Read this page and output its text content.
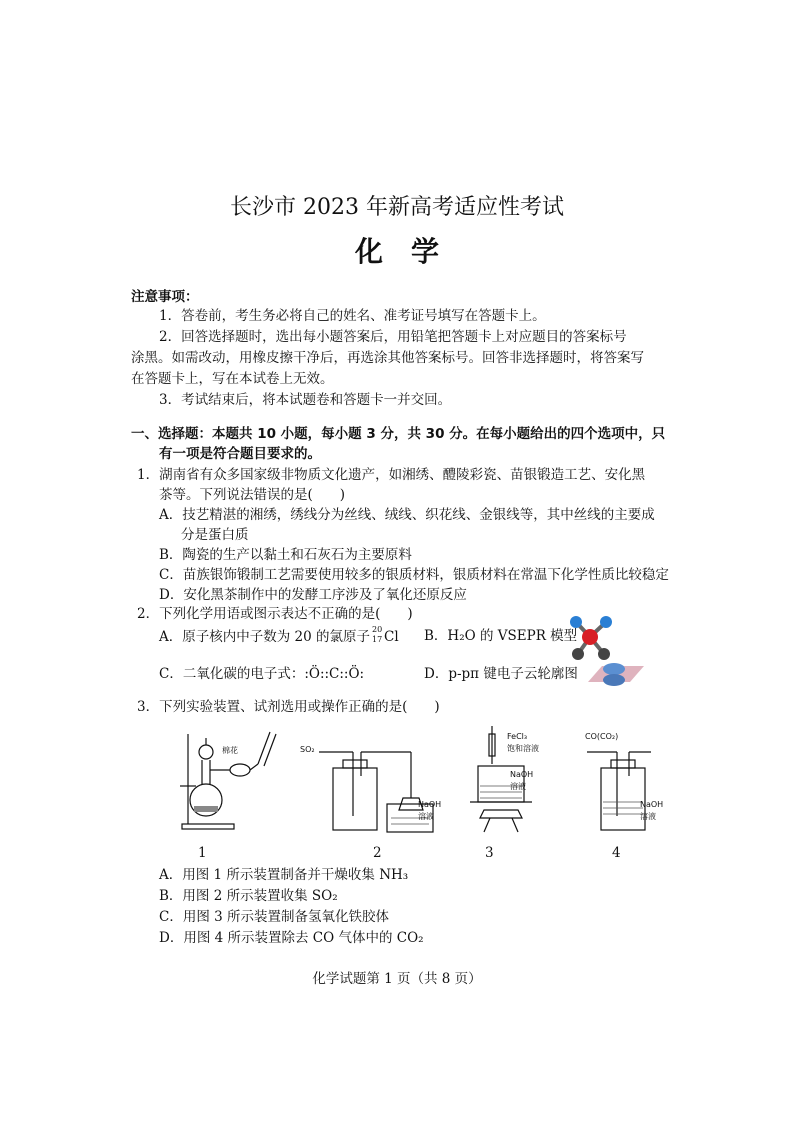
长沙市 2023 年新高考适应性考试
化学
注意事项：
1．答卷前，考生务必将自己的姓名、准考证号填写在答题卡上。
2．回答选择题时，选出每小题答案后，用铅笔把答题卡上对应题目的答案标号
涂黑。如需改动，用橡皮擦干净后，再选涂其他答案标号。回答非选择题时，将答案写
在答题卡上，写在本试卷上无效。
3．考试结束后，将本试题卷和答题卡一并交回。
一、选择题：本题共 10 小题，每小题 3 分，共 30 分。在每小题给出的四个选项中，只
有一项是符合题目要求的。
1．湖南省有众多国家级非物质文化遗产，如湘绣、醴陵彩瓷、苗银锻造工艺、安化黑
茶等。下列说法错误的是(　　)
A．技艺精湛的湘绣，绣线分为丝线、绒线、织花线、金银线等，其中丝线的主要成
分是蛋白质
B．陶瓷的生产以黏土和石灰石为主要原料
C．苗族银饰锻制工艺需要使用较多的银质材料，银质材料在常温下化学性质比较稳定
D．安化黑茶制作中的发酵工序涉及了氧化还原反应
2．下列化学用语或图示表达不正确的是(　　)
A．原子核内中子数为 20 的氯原子 20
17 Cl B．H₂O 的 VSEPR 模型
C．二氧化碳的电子式：:Ö::C::Ö:	D．p-pπ 键电子云轮廓图
3．下列实验装置、试剂选用或操作正确的是(　　)
棉花	SO₂
NaOH
溶液
FeCl₃
饱和溶液
NaOH
溶液
CO(CO₂)
NaOH
溶液
1	2	3	4
A．用图 1 所示装置制备并干燥收集 NH₃
B．用图 2 所示装置收集 SO₂
C．用图 3 所示装置制备氢氧化铁胶体
D．用图 4 所示装置除去 CO 气体中的 CO₂
化学试题第 1 页（共 8 页）
